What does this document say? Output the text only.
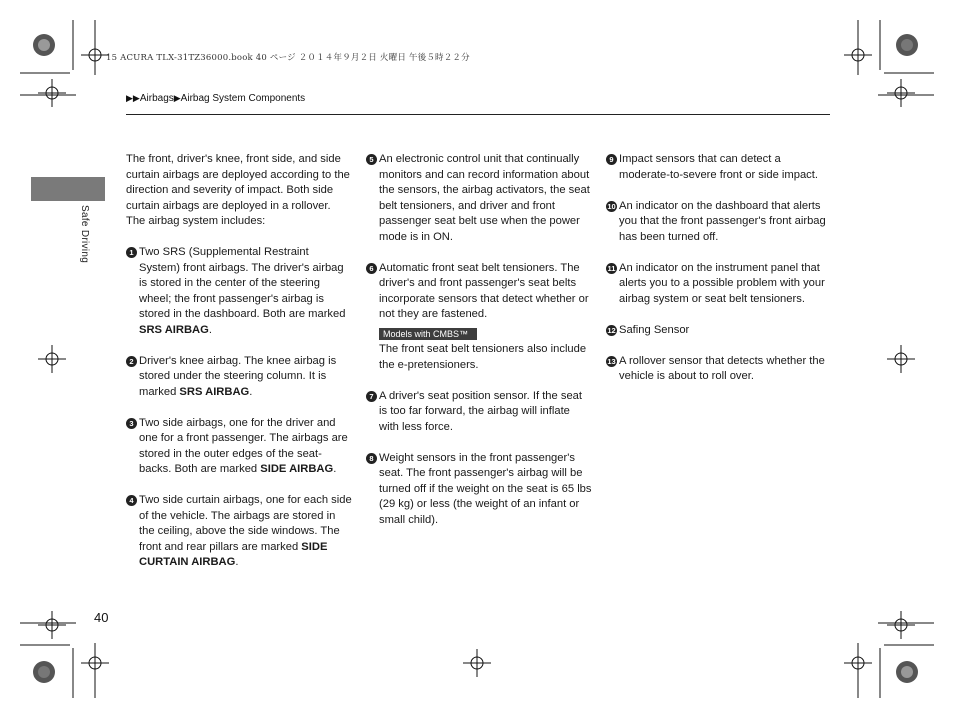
15 ACURA TLX-31TZ36000.book 40 ページ ２０１４年９月２日 火曜日 午後５時２２分
▶▶Airbags▶Airbag System Components
Safe Driving

The front, driver's knee, front side, and side curtain airbags are deployed according to the direction and severity of impact. Both side curtain airbags are deployed in a rollover. The airbag system includes:

1 Two SRS (Supplemental Restraint System) front airbags. The driver's airbag is stored in the center of the steering wheel; the front passenger's airbag is stored in the dashboard. Both are marked SRS AIRBAG.
2 Driver's knee airbag. The knee airbag is stored under the steering column. It is marked SRS AIRBAG.
3 Two side airbags, one for the driver and one for a front passenger. The airbags are stored in the outer edges of the seat-backs. Both are marked SIDE AIRBAG.
4 Two side curtain airbags, one for each side of the vehicle. The airbags are stored in the ceiling, above the side windows. The front and rear pillars are marked SIDE CURTAIN AIRBAG.
5 An electronic control unit that continually monitors and can record information about the sensors, the airbag activators, the seat belt tensioners, and driver and front passenger seat belt use when the power mode is in ON.
6 Automatic front seat belt tensioners. The driver's and front passenger's seat belts incorporate sensors that detect whether or not they are fastened.
Models with CMBS™
The front seat belt tensioners also include the e-pretensioners.
7 A driver's seat position sensor. If the seat is too far forward, the airbag will inflate with less force.
8 Weight sensors in the front passenger's seat. The front passenger's airbag will be turned off if the weight on the seat is 65 lbs (29 kg) or less (the weight of an infant or small child).
9 Impact sensors that can detect a moderate-to-severe front or side impact.
10 An indicator on the dashboard that alerts you that the front passenger's front airbag has been turned off.
11 An indicator on the instrument panel that alerts you to a possible problem with your airbag system or seat belt tensioners.
12 Safing Sensor
13 A rollover sensor that detects whether the vehicle is about to roll over.
40
